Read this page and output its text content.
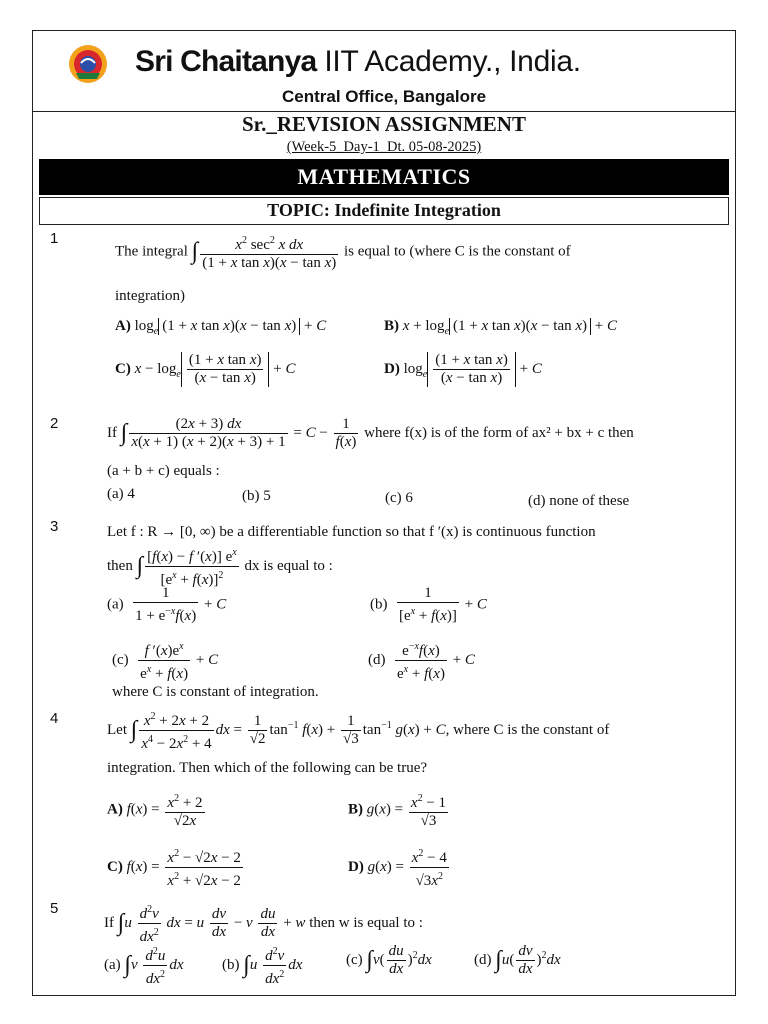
Sri Chaitanya IIT Academy., India.
Central Office, Bangalore
Sr._REVISION ASSIGNMENT
(Week-5_Day-1_Dt. 05-08-2025)
MATHEMATICS
TOPIC: Indefinite Integration
1
The integral ∫	$x^2$ $\sec^2 x$ dx
(1 + x tan x)(x − tan x)
is equal to (where C is the constant of
integration)
A) $\log_e (1 + x$ tan x)(x − tan x) + C	B) $x + \log_e (1 + x$ tan x)(x − tan x) + C
C) $x - \log_e \frac{\text{(1 + x tan x)}}{\text{(x − tan x)}} + C$	D) $\log_e \frac{\text{(1 + x tan x)}}{\text{(x − tan x)}} + C$
2
If ∫ $\frac{(2x + 3) dx}{x(x + 1) (x + 2)(x + 3) + 1} = C - \frac{1}{f(x)}$ where f(x) is of the form of ax² + bx + c then
(a + b + c) equals :
(a) 4	(b) 5	(c) 6	(d) none of these
3	Let f : R → [0, ∞) be a differentiable function so that f ′(x) is continuous function
then ∫ $\frac{[f(x) - f '(x)] e^x}{[e^x + f(x)]^2}$ dx is equal to :
$(a) \frac{1}{1 + e^{-x}f(x)} + C$	$(b) \frac{1}{[e^x + f(x)]} + C$
$(c) \frac{f '(x)e^x}{e^x + f(x)} + C$	$(d) \frac{e^{-x}f(x)}{e^x + f(x)} + C$
where C is constant of integration.
4
Let ∫ $\frac{x^2 + 2x + 2}{x^4 - 2x^2 + 4}$ dx = $\frac{1}{√2} \tan^{-1} f(x) + \frac{1}{√3} \tan^{-1} g(x) + C$, where C is the constant of
integration. Then which of the following can be true?
A) $f(x) = \frac{x^2 + 2}{√2x}$	B) $g(x) = \frac{x^2 - 1}{√3}$
C) $f(x) = \frac{x^2 - √2x - 2}{x^2 + √2x - 2}$	D) $g(x) = \frac{x^2 - 4}{√3x^2}$
5
If $\int u \frac{d^2v}{dx^2}$ dx = u $\frac{dv}{dx} - v \frac{du}{dx} + w$ then w is equal to :
(a) $\int v \frac{d^2u}{dx^2}$ dx	(b) $\int u \frac{d^2v}{dx^2}$ dx	(c) $\int v( \frac{du}{dx} )^2dx$	(d) $\int u( \frac{dv}{dx} )^2dx$
